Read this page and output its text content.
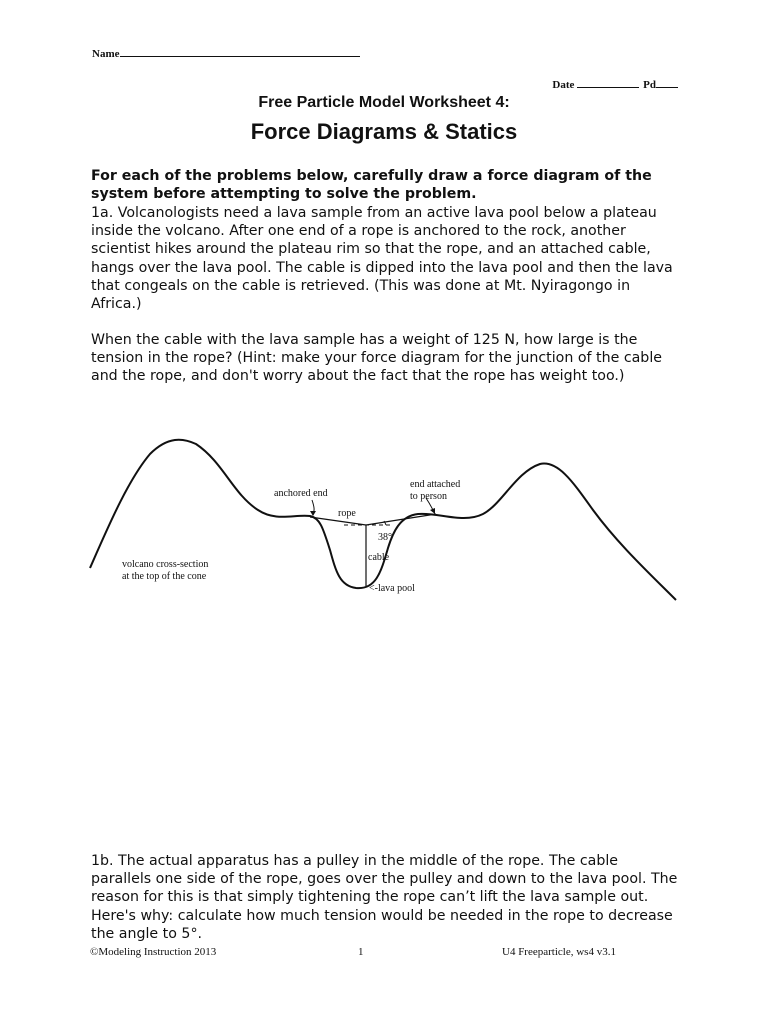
Name
Date	Pd
Free Particle Model Worksheet 4:
Force Diagrams & Statics
For each of the problems below, carefully draw a force diagram of the system before attempting to solve the problem.
1a. Volcanologists need a lava sample from an active lava pool below a plateau inside the volcano. After one end of a rope is anchored to the rock, another scientist hikes around the plateau rim so that the rope, and an attached cable, hangs over the lava pool. The cable is dipped into the lava pool and then the lava that congeals on the cable is retrieved. (This was done at Mt. Nyiragongo in Africa.)
When the cable with the lava sample has a weight of 125 N, how large is the tension in the rope? (Hint: make your force diagram for the junction of the cable and the rope, and don't worry about the fact that the rope has weight too.)
anchored end
end attached
to person
rope
38°
cable
<-lava pool
volcano cross-section
at the top of the cone
1b. The actual apparatus has a pulley in the middle of the rope. The cable parallels one side of the rope, goes over the pulley and down to the lava pool. The reason for this is that simply tightening the rope can’t lift the lava sample out. Here's why: calculate how much tension would be needed in the rope to decrease the angle to 5°.
©Modeling Instruction 2013	1	U4 Freeparticle, ws4 v3.1
